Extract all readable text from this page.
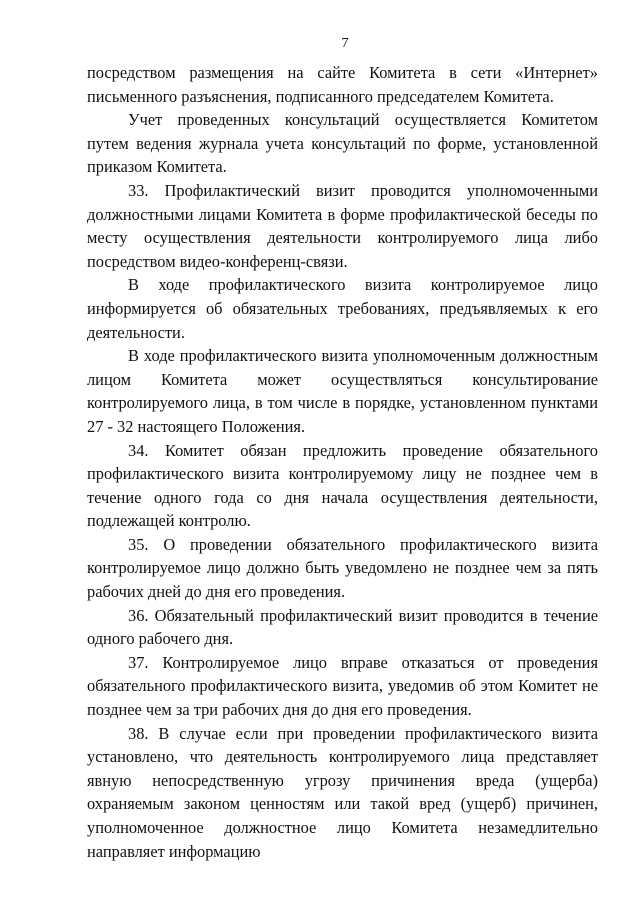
7

посредством размещения на сайте Комитета в сети «Интернет» письменного разъяснения, подписанного председателем Комитета.

Учет проведенных консультаций осуществляется Комитетом путем ведения журнала учета консультаций по форме, установленной приказом Комитета.

33. Профилактический визит проводится уполномоченными должностными лицами Комитета в форме профилактической беседы по месту осуществления деятельности контролируемого лица либо посредством видео-конференц-связи.

В ходе профилактического визита контролируемое лицо информируется об обязательных требованиях, предъявляемых к его деятельности.

В ходе профилактического визита уполномоченным должностным лицом Комитета может осуществляться консультирование контролируемого лица, в том числе в порядке, установленном пунктами 27 - 32 настоящего Положения.

34. Комитет обязан предложить проведение обязательного профилактического визита контролируемому лицу не позднее чем в течение одного года со дня начала осуществления деятельности, подлежащей контролю.

35. О проведении обязательного профилактического визита контролируемое лицо должно быть уведомлено не позднее чем за пять рабочих дней до дня его проведения.

36. Обязательный профилактический визит проводится в течение одного рабочего дня.

37. Контролируемое лицо вправе отказаться от проведения обязательного профилактического визита, уведомив об этом Комитет не позднее чем за три рабочих дня до дня его проведения.

38. В случае если при проведении профилактического визита установлено, что деятельность контролируемого лица представляет явную непосредственную угрозу причинения вреда (ущерба) охраняемым законом ценностям или такой вред (ущерб) причинен, уполномоченное должностное лицо Комитета незамедлительно направляет информацию
